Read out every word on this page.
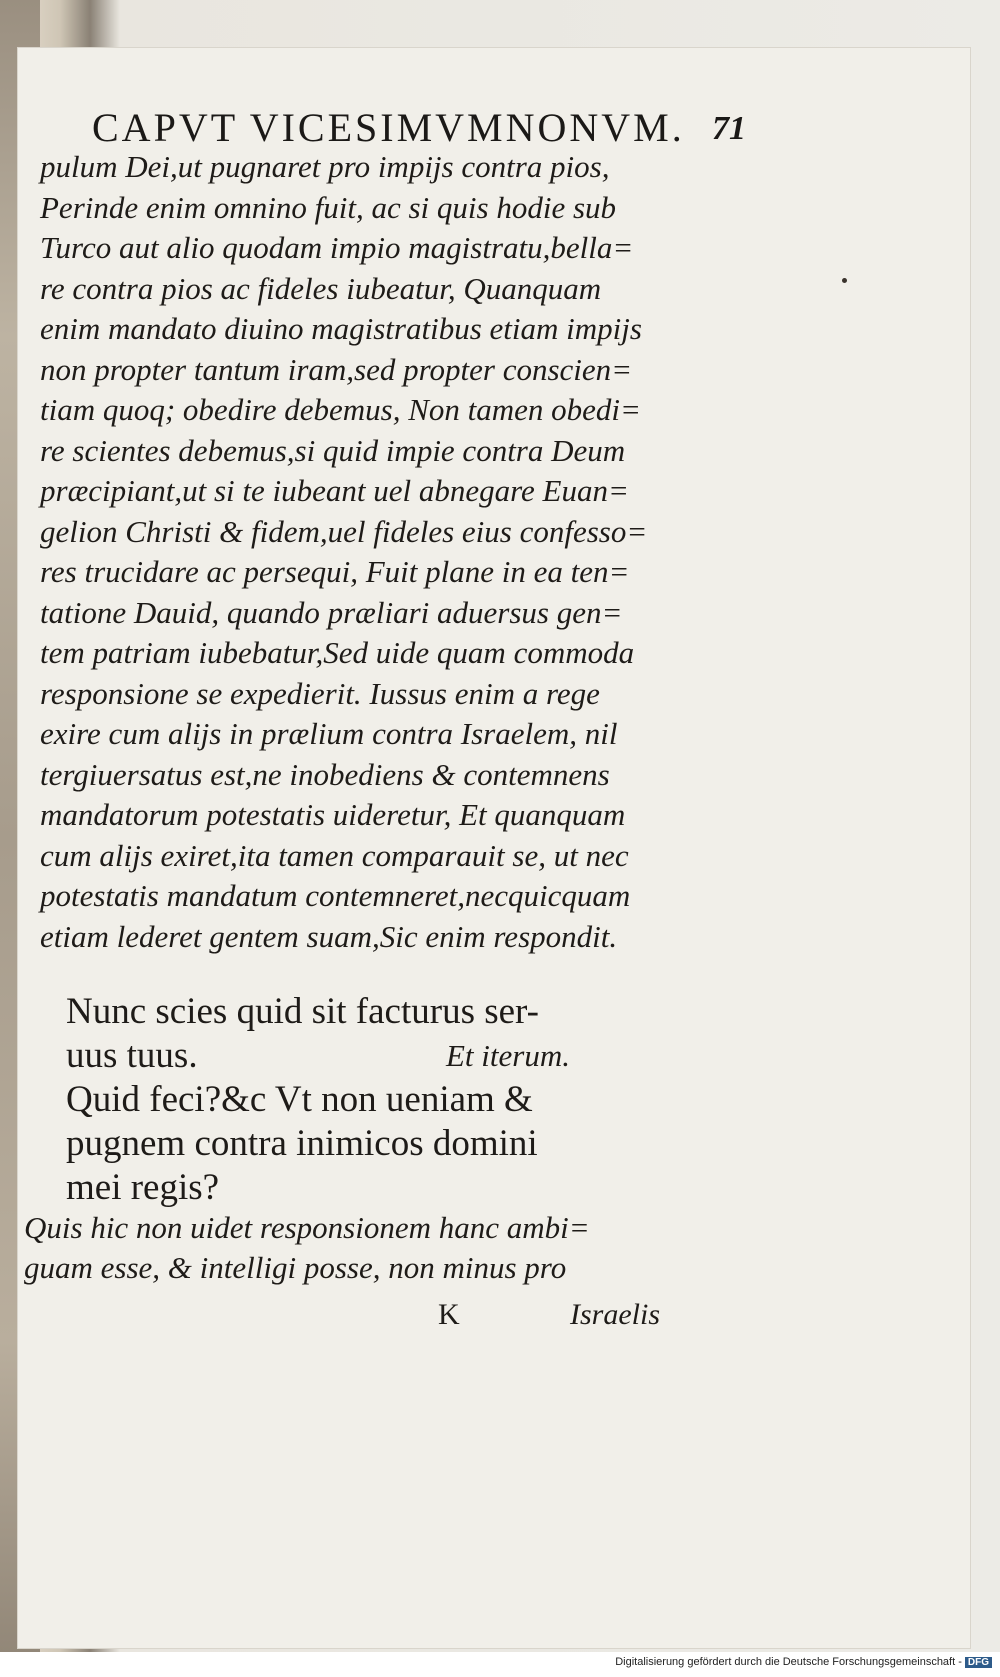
CAPVT VICESIMVMNONVM. 71
pulum Dei,ut pugnaret pro impijs contra pios,
Perinde enim omnino fuit, ac si quis hodie sub
Turco aut alio quodam impio magistratu,bella=
re contra pios ac fideles iubeatur, Quanquam
enim mandato diuino magistratibus etiam impijs
non propter tantum iram,sed propter conscien=
tiam quoq; obedire debemus, Non tamen obedi=
re scientes debemus,si quid impie contra Deum
præcipiant,ut si te iubeant uel abnegare Euan=
gelion Christi & fidem,uel fideles eius confesso=
res trucidare ac persequi, Fuit plane in ea ten=
tatione Dauid, quando præliari aduersus gen=
tem patriam iubebatur,Sed uide quam commoda
responsione se expedierit. Iussus enim a rege
exire cum alijs in prælium contra Israelem, nil
tergiuersatus est,ne inobediens & contemnens
mandatorum potestatis uideretur, Et quanquam
cum alijs exiret,ita tamen comparauit se, ut nec
potestatis mandatum contemneret,necquicquam
etiam lederet gentem suam,Sic enim respondit.
Nunc scies quid sit facturus ser-
uus tuus.	Et iterum.
Quid feci?&c Vt non ueniam &
pugnem contra inimicos domini
mei regis?
Quis hic non uidet responsionem hanc ambi=
guam esse, & intelligi posse, non minus pro
K	Israelis
Digitalisierung gefördert durch die Deutsche Forschungsgemeinschaft - DFG
